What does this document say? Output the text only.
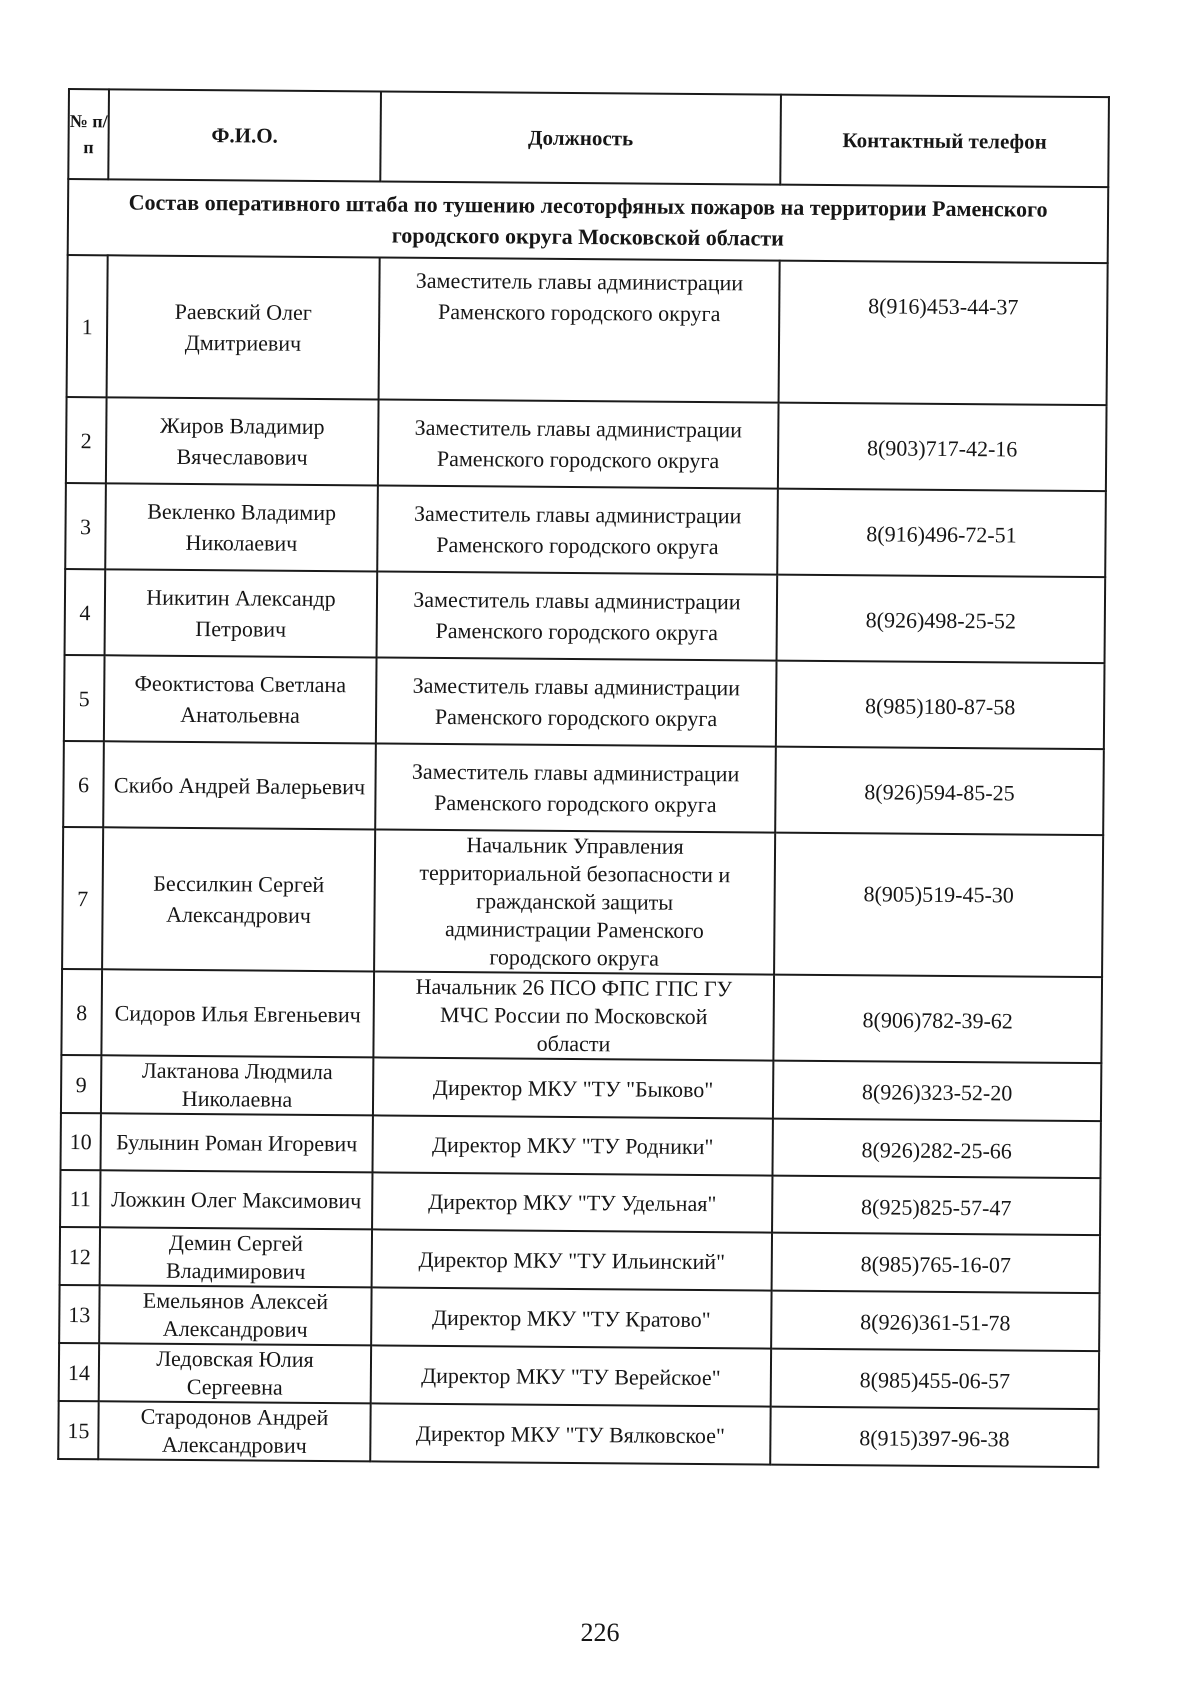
№ п/п	Ф.И.О.	Должность	Контактный телефон
Состав оперативного штаба по тушению лесоторфяных пожаров на территории Раменского городского округа Московской области			
1	Раевский Олег Дмитриевич	Заместитель главы администрации Раменского городского округа	8(916)453-44-37
2	Жиров Владимир Вячеславович	Заместитель главы администрации Раменского городского округа	8(903)717-42-16
3	Векленко Владимир Николаевич	Заместитель главы администрации Раменского городского округа	8(916)496-72-51
4	Никитин Александр Петрович	Заместитель главы администрации Раменского городского округа	8(926)498-25-52
5	Феоктистова Светлана Анатольевна	Заместитель главы администрации Раменского городского округа	8(985)180-87-58
6	Скибо Андрей Валерьевич	Заместитель главы администрации Раменского городского округа	8(926)594-85-25
7	Бессилкин Сергей Александрович	Начальник Управления территориальной безопасности и гражданской защиты администрации Раменского городского округа	8(905)519-45-30
8	Сидоров Илья Евгеньевич	Начальник 26 ПСО ФПС ГПС ГУ МЧС России по Московской области	8(906)782-39-62
9	Лактанова Людмила Николаевна	Директор МКУ "ТУ "Быково"	8(926)323-52-20
10	Булынин Роман Игоревич	Директор МКУ "ТУ Родники"	8(926)282-25-66
11	Ложкин Олег Максимович	Директор МКУ "ТУ Удельная"	8(925)825-57-47
12	Демин Сергей Владимирович	Директор МКУ "ТУ Ильинский"	8(985)765-16-07
13	Емельянов Алексей Александрович	Директор МКУ "ТУ Кратово"	8(926)361-51-78
14	Ледовская Юлия Сергеевна	Директор МКУ "ТУ Верейское"	8(985)455-06-57
15	Стародонов Андрей Александрович	Директор МКУ "ТУ Вялковское"	8(915)397-96-38
226
